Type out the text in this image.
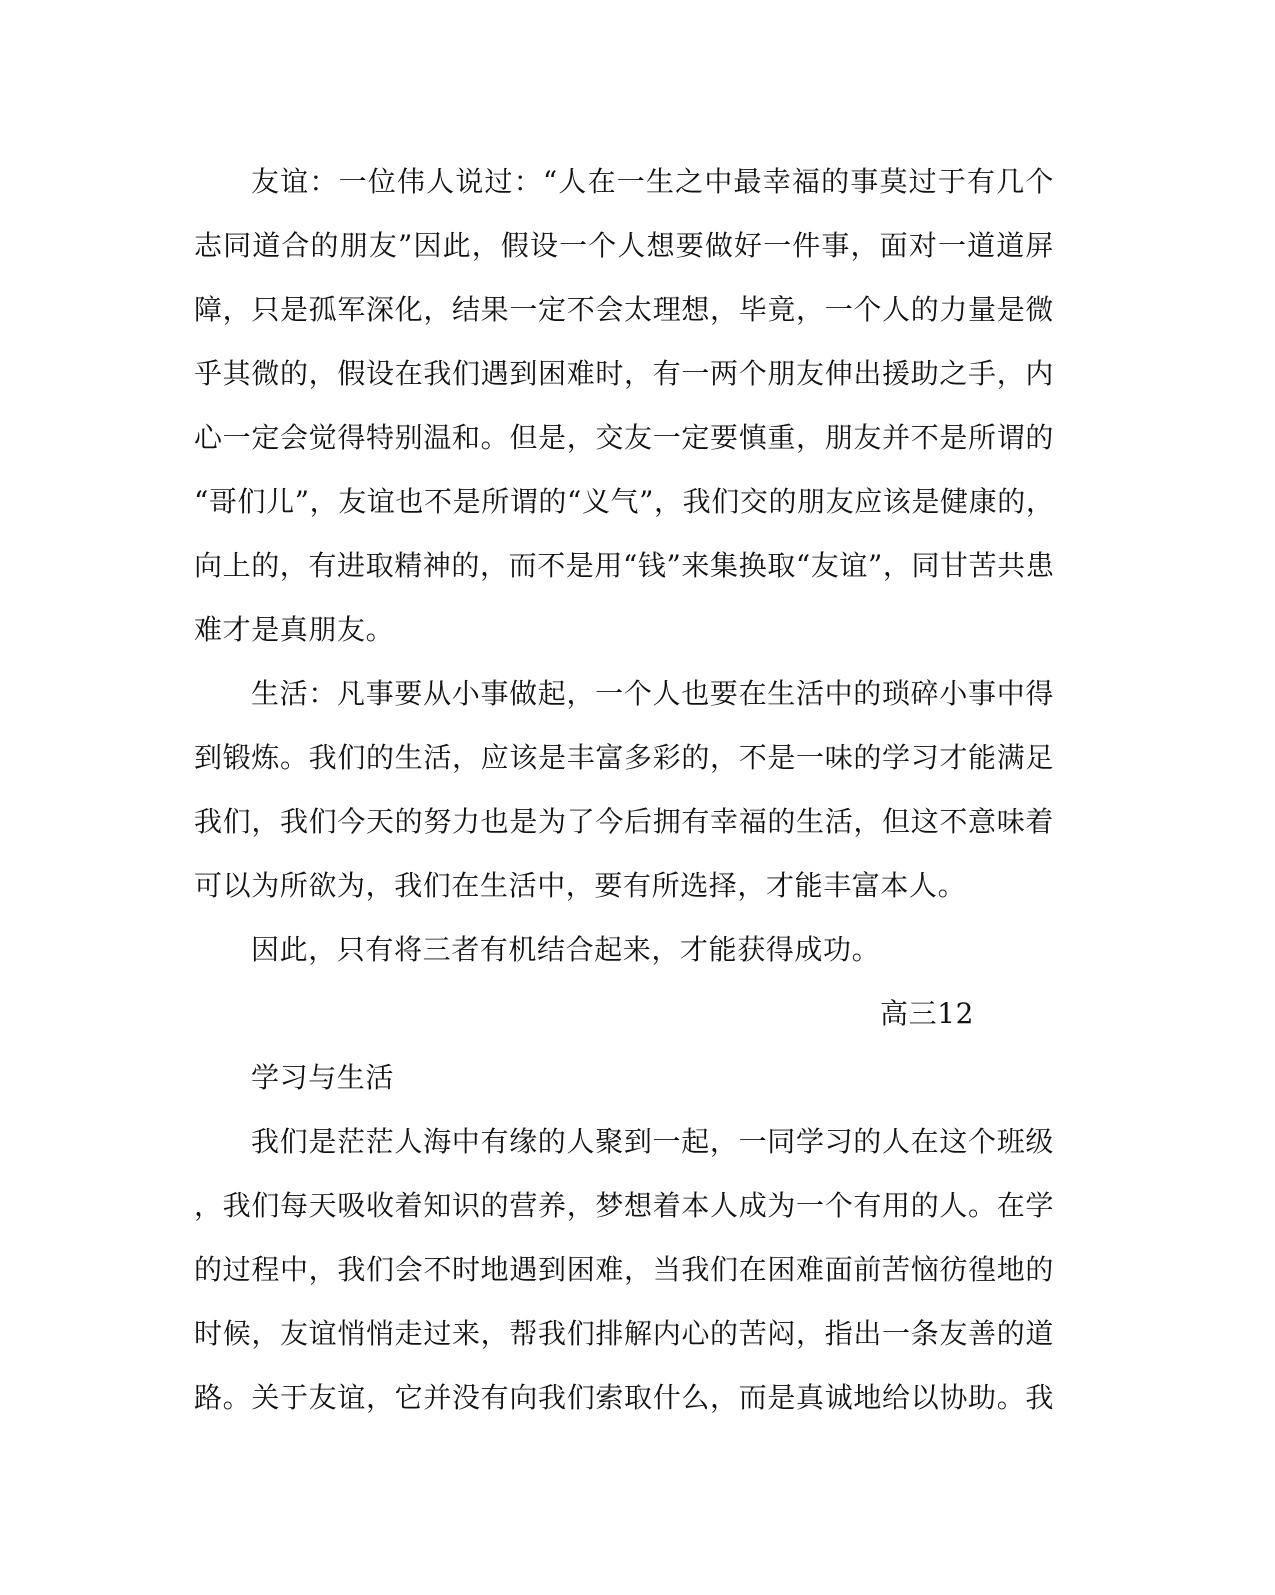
友谊：一位伟人说过：“人在一生之中最幸福的事莫过于有几个
志同道合的朋友”因此，假设一个人想要做好一件事，面对一道道屏
障，只是孤军深化，结果一定不会太理想，毕竟，一个人的力量是微
乎其微的，假设在我们遇到困难时，有一两个朋友伸出援助之手，内
心一定会觉得特别温和。但是，交友一定要慎重，朋友并不是所谓的
“哥们儿”，友谊也不是所谓的“义气”，我们交的朋友应该是健康的，
向上的，有进取精神的，而不是用“钱”来集换取“友谊”，同甘苦共患
难才是真朋友。
生活：凡事要从小事做起，一个人也要在生活中的琐碎小事中得
到锻炼。我们的生活，应该是丰富多彩的，不是一味的学习才能满足
我们，我们今天的努力也是为了今后拥有幸福的生活，但这不意味着
可以为所欲为，我们在生活中，要有所选择，才能丰富本人。
因此，只有将三者有机结合起来，才能获得成功。
高三12
学习与生活
我们是茫茫人海中有缘的人聚到一起，一同学习的人在这个班级
，我们每天吸收着知识的营养，梦想着本人成为一个有用的人。在学
的过程中，我们会不时地遇到困难，当我们在困难面前苦恼彷徨地的
时候，友谊悄悄走过来，帮我们排解内心的苦闷，指出一条友善的道
路。关于友谊，它并没有向我们索取什么，而是真诚地给以协助。我
